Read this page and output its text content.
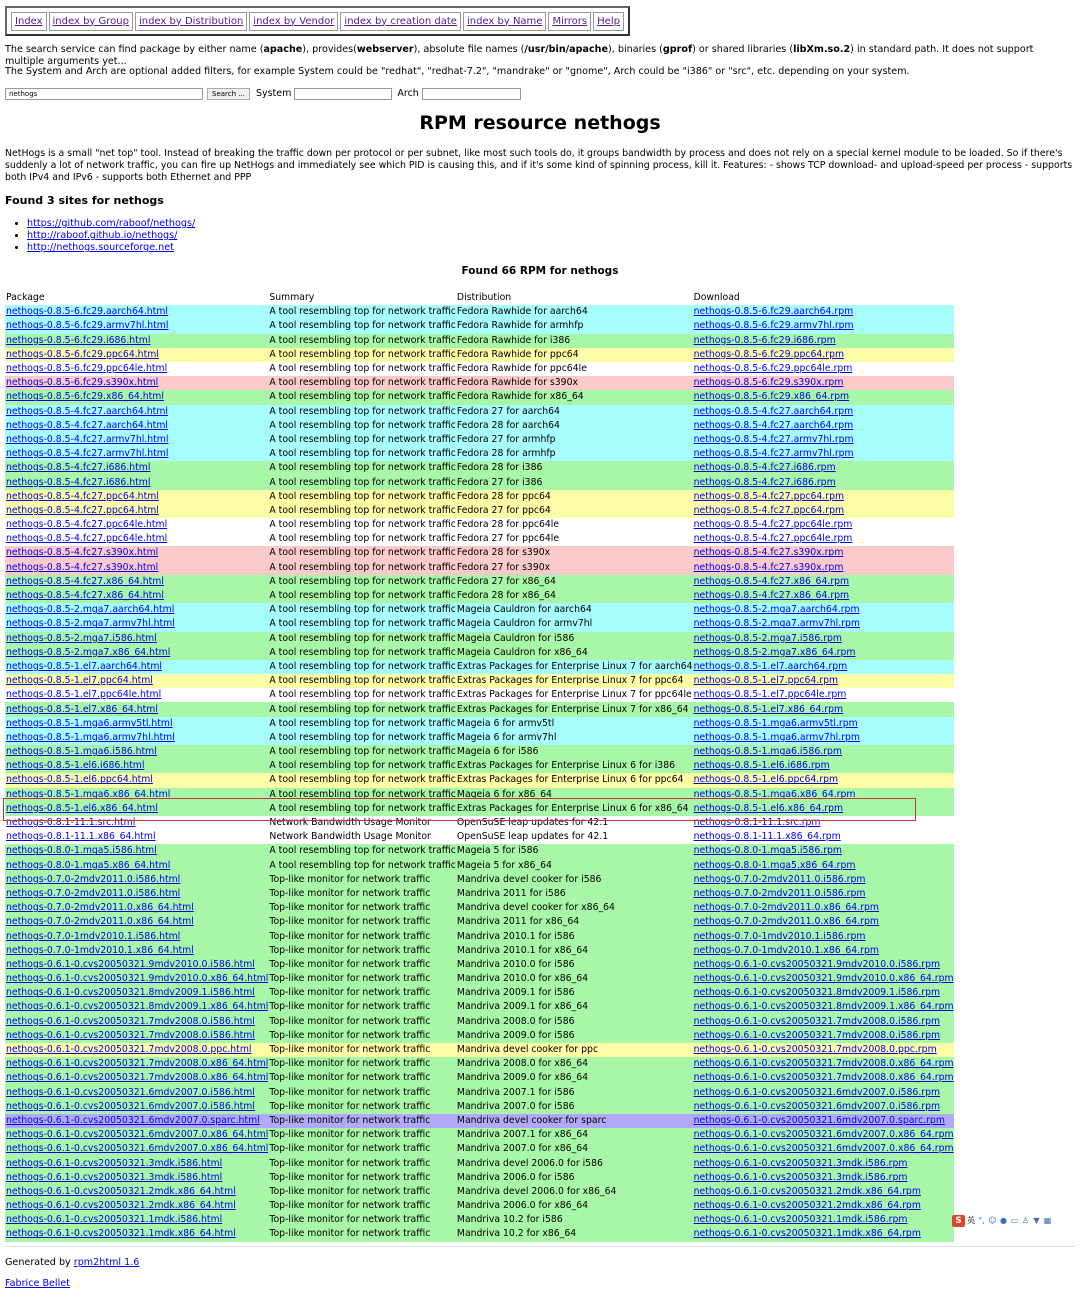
Index	index by Group	index by Distribution	index by Vendor	index by creation date	index by Name	Mirrors	Help
The search service can find package by either name (apache), provides(webserver), absolute file names (/usr/bin/apache), binaries (gprof) or shared libraries (libXm.so.2) in standard path. It does not support multiple arguments yet...
The System and Arch are optional added filters, for example System could be "redhat", "redhat-7.2", "mandrake" or "gnome", Arch could be "i386" or "src", etc. depending on your system.
nethogs	Search ...	System	Arch
RPM resource nethogs
NetHogs is a small "net top" tool. Instead of breaking the traffic down per protocol or per subnet, like most such tools do, it groups bandwidth by process and does not rely on a special kernel module to be loaded. So if there's suddenly a lot of network traffic, you can fire up NetHogs and immediately see which PID is causing this, and if it's some kind of spinning process, kill it. Features: - shows TCP download- and upload-speed per process - supports both IPv4 and IPv6 - supports both Ethernet and PPP
Found 3 sites for nethogs
• https://github.com/raboof/nethogs/
• http://raboof.github.io/nethogs/
• http://nethogs.sourceforge.net
Found 66 RPM for nethogs
Package	Summary	Distribution	Download
nethogs-0.8.5-6.fc29.aarch64.html	A tool resembling top for network traffic	Fedora Rawhide for aarch64	nethogs-0.8.5-6.fc29.aarch64.rpm
nethogs-0.8.5-6.fc29.armv7hl.html	A tool resembling top for network traffic	Fedora Rawhide for armhfp	nethogs-0.8.5-6.fc29.armv7hl.rpm
nethogs-0.8.5-6.fc29.i686.html	A tool resembling top for network traffic	Fedora Rawhide for i386	nethogs-0.8.5-6.fc29.i686.rpm
nethogs-0.8.5-6.fc29.ppc64.html	A tool resembling top for network traffic	Fedora Rawhide for ppc64	nethogs-0.8.5-6.fc29.ppc64.rpm
nethogs-0.8.5-6.fc29.ppc64le.html	A tool resembling top for network traffic	Fedora Rawhide for ppc64le	nethogs-0.8.5-6.fc29.ppc64le.rpm
nethogs-0.8.5-6.fc29.s390x.html	A tool resembling top for network traffic	Fedora Rawhide for s390x	nethogs-0.8.5-6.fc29.s390x.rpm
nethogs-0.8.5-6.fc29.x86_64.html	A tool resembling top for network traffic	Fedora Rawhide for x86_64	nethogs-0.8.5-6.fc29.x86_64.rpm
nethogs-0.8.5-4.fc27.aarch64.html	A tool resembling top for network traffic	Fedora 27 for aarch64	nethogs-0.8.5-4.fc27.aarch64.rpm
nethogs-0.8.5-4.fc27.aarch64.html	A tool resembling top for network traffic	Fedora 28 for aarch64	nethogs-0.8.5-4.fc27.aarch64.rpm
nethogs-0.8.5-4.fc27.armv7hl.html	A tool resembling top for network traffic	Fedora 27 for armhfp	nethogs-0.8.5-4.fc27.armv7hl.rpm
nethogs-0.8.5-4.fc27.armv7hl.html	A tool resembling top for network traffic	Fedora 28 for armhfp	nethogs-0.8.5-4.fc27.armv7hl.rpm
nethogs-0.8.5-4.fc27.i686.html	A tool resembling top for network traffic	Fedora 28 for i386	nethogs-0.8.5-4.fc27.i686.rpm
nethogs-0.8.5-4.fc27.i686.html	A tool resembling top for network traffic	Fedora 27 for i386	nethogs-0.8.5-4.fc27.i686.rpm
nethogs-0.8.5-4.fc27.ppc64.html	A tool resembling top for network traffic	Fedora 28 for ppc64	nethogs-0.8.5-4.fc27.ppc64.rpm
nethogs-0.8.5-4.fc27.ppc64.html	A tool resembling top for network traffic	Fedora 27 for ppc64	nethogs-0.8.5-4.fc27.ppc64.rpm
nethogs-0.8.5-4.fc27.ppc64le.html	A tool resembling top for network traffic	Fedora 28 for ppc64le	nethogs-0.8.5-4.fc27.ppc64le.rpm
nethogs-0.8.5-4.fc27.ppc64le.html	A tool resembling top for network traffic	Fedora 27 for ppc64le	nethogs-0.8.5-4.fc27.ppc64le.rpm
nethogs-0.8.5-4.fc27.s390x.html	A tool resembling top for network traffic	Fedora 28 for s390x	nethogs-0.8.5-4.fc27.s390x.rpm
nethogs-0.8.5-4.fc27.s390x.html	A tool resembling top for network traffic	Fedora 27 for s390x	nethogs-0.8.5-4.fc27.s390x.rpm
nethogs-0.8.5-4.fc27.x86_64.html	A tool resembling top for network traffic	Fedora 27 for x86_64	nethogs-0.8.5-4.fc27.x86_64.rpm
nethogs-0.8.5-4.fc27.x86_64.html	A tool resembling top for network traffic	Fedora 28 for x86_64	nethogs-0.8.5-4.fc27.x86_64.rpm
nethogs-0.8.5-2.mga7.aarch64.html	A tool resembling top for network traffic	Mageia Cauldron for aarch64	nethogs-0.8.5-2.mga7.aarch64.rpm
nethogs-0.8.5-2.mga7.armv7hl.html	A tool resembling top for network traffic	Mageia Cauldron for armv7hl	nethogs-0.8.5-2.mga7.armv7hl.rpm
nethogs-0.8.5-2.mga7.i586.html	A tool resembling top for network traffic	Mageia Cauldron for i586	nethogs-0.8.5-2.mga7.i586.rpm
nethogs-0.8.5-2.mga7.x86_64.html	A tool resembling top for network traffic	Mageia Cauldron for x86_64	nethogs-0.8.5-2.mga7.x86_64.rpm
nethogs-0.8.5-1.el7.aarch64.html	A tool resembling top for network traffic	Extras Packages for Enterprise Linux 7 for aarch64	nethogs-0.8.5-1.el7.aarch64.rpm
nethogs-0.8.5-1.el7.ppc64.html	A tool resembling top for network traffic	Extras Packages for Enterprise Linux 7 for ppc64	nethogs-0.8.5-1.el7.ppc64.rpm
nethogs-0.8.5-1.el7.ppc64le.html	A tool resembling top for network traffic	Extras Packages for Enterprise Linux 7 for ppc64le	nethogs-0.8.5-1.el7.ppc64le.rpm
nethogs-0.8.5-1.el7.x86_64.html	A tool resembling top for network traffic	Extras Packages for Enterprise Linux 7 for x86_64	nethogs-0.8.5-1.el7.x86_64.rpm
nethogs-0.8.5-1.mga6.armv5tl.html	A tool resembling top for network traffic	Mageia 6 for armv5tl	nethogs-0.8.5-1.mga6.armv5tl.rpm
nethogs-0.8.5-1.mga6.armv7hl.html	A tool resembling top for network traffic	Mageia 6 for armv7hl	nethogs-0.8.5-1.mga6.armv7hl.rpm
nethogs-0.8.5-1.mga6.i586.html	A tool resembling top for network traffic	Mageia 6 for i586	nethogs-0.8.5-1.mga6.i586.rpm
nethogs-0.8.5-1.el6.i686.html	A tool resembling top for network traffic	Extras Packages for Enterprise Linux 6 for i386	nethogs-0.8.5-1.el6.i686.rpm
nethogs-0.8.5-1.el6.ppc64.html	A tool resembling top for network traffic	Extras Packages for Enterprise Linux 6 for ppc64	nethogs-0.8.5-1.el6.ppc64.rpm
nethogs-0.8.5-1.mga6.x86_64.html	A tool resembling top for network traffic	Mageia 6 for x86_64	nethogs-0.8.5-1.mga6.x86_64.rpm
nethogs-0.8.5-1.el6.x86_64.html	A tool resembling top for network traffic	Extras Packages for Enterprise Linux 6 for x86_64	nethogs-0.8.5-1.el6.x86_64.rpm
nethogs-0.8.1-11.1.src.html	Network Bandwidth Usage Monitor	OpenSuSE leap updates for 42.1	nethogs-0.8.1-11.1.src.rpm
nethogs-0.8.1-11.1.x86_64.html	Network Bandwidth Usage Monitor	OpenSuSE leap updates for 42.1	nethogs-0.8.1-11.1.x86_64.rpm
nethogs-0.8.0-1.mga5.i586.html	A tool resembling top for network traffic	Mageia 5 for i586	nethogs-0.8.0-1.mga5.i586.rpm
nethogs-0.8.0-1.mga5.x86_64.html	A tool resembling top for network traffic	Mageia 5 for x86_64	nethogs-0.8.0-1.mga5.x86_64.rpm
nethogs-0.7.0-2mdv2011.0.i586.html	Top-like monitor for network traffic	Mandriva devel cooker for i586	nethogs-0.7.0-2mdv2011.0.i586.rpm
nethogs-0.7.0-2mdv2011.0.i586.html	Top-like monitor for network traffic	Mandriva 2011 for i586	nethogs-0.7.0-2mdv2011.0.i586.rpm
nethogs-0.7.0-2mdv2011.0.x86_64.html	Top-like monitor for network traffic	Mandriva devel cooker for x86_64	nethogs-0.7.0-2mdv2011.0.x86_64.rpm
nethogs-0.7.0-2mdv2011.0.x86_64.html	Top-like monitor for network traffic	Mandriva 2011 for x86_64	nethogs-0.7.0-2mdv2011.0.x86_64.rpm
nethogs-0.7.0-1mdv2010.1.i586.html	Top-like monitor for network traffic	Mandriva 2010.1 for i586	nethogs-0.7.0-1mdv2010.1.i586.rpm
nethogs-0.7.0-1mdv2010.1.x86_64.html	Top-like monitor for network traffic	Mandriva 2010.1 for x86_64	nethogs-0.7.0-1mdv2010.1.x86_64.rpm
nethogs-0.6.1-0.cvs20050321.9mdv2010.0.i586.html	Top-like monitor for network traffic	Mandriva 2010.0 for i586	nethogs-0.6.1-0.cvs20050321.9mdv2010.0.i586.rpm
nethogs-0.6.1-0.cvs20050321.9mdv2010.0.x86_64.html	Top-like monitor for network traffic	Mandriva 2010.0 for x86_64	nethogs-0.6.1-0.cvs20050321.9mdv2010.0.x86_64.rpm
nethogs-0.6.1-0.cvs20050321.8mdv2009.1.i586.html	Top-like monitor for network traffic	Mandriva 2009.1 for i586	nethogs-0.6.1-0.cvs20050321.8mdv2009.1.i586.rpm
nethogs-0.6.1-0.cvs20050321.8mdv2009.1.x86_64.html	Top-like monitor for network traffic	Mandriva 2009.1 for x86_64	nethogs-0.6.1-0.cvs20050321.8mdv2009.1.x86_64.rpm
nethogs-0.6.1-0.cvs20050321.7mdv2008.0.i586.html	Top-like monitor for network traffic	Mandriva 2008.0 for i586	nethogs-0.6.1-0.cvs20050321.7mdv2008.0.i586.rpm
nethogs-0.6.1-0.cvs20050321.7mdv2008.0.i586.html	Top-like monitor for network traffic	Mandriva 2009.0 for i586	nethogs-0.6.1-0.cvs20050321.7mdv2008.0.i586.rpm
nethogs-0.6.1-0.cvs20050321.7mdv2008.0.ppc.html	Top-like monitor for network traffic	Mandriva devel cooker for ppc	nethogs-0.6.1-0.cvs20050321.7mdv2008.0.ppc.rpm
nethogs-0.6.1-0.cvs20050321.7mdv2008.0.x86_64.html	Top-like monitor for network traffic	Mandriva 2008.0 for x86_64	nethogs-0.6.1-0.cvs20050321.7mdv2008.0.x86_64.rpm
nethogs-0.6.1-0.cvs20050321.7mdv2008.0.x86_64.html	Top-like monitor for network traffic	Mandriva 2009.0 for x86_64	nethogs-0.6.1-0.cvs20050321.7mdv2008.0.x86_64.rpm
nethogs-0.6.1-0.cvs20050321.6mdv2007.0.i586.html	Top-like monitor for network traffic	Mandriva 2007.1 for i586	nethogs-0.6.1-0.cvs20050321.6mdv2007.0.i586.rpm
nethogs-0.6.1-0.cvs20050321.6mdv2007.0.i586.html	Top-like monitor for network traffic	Mandriva 2007.0 for i586	nethogs-0.6.1-0.cvs20050321.6mdv2007.0.i586.rpm
nethogs-0.6.1-0.cvs20050321.6mdv2007.0.sparc.html	Top-like monitor for network traffic	Mandriva devel cooker for sparc	nethogs-0.6.1-0.cvs20050321.6mdv2007.0.sparc.rpm
nethogs-0.6.1-0.cvs20050321.6mdv2007.0.x86_64.html	Top-like monitor for network traffic	Mandriva 2007.1 for x86_64	nethogs-0.6.1-0.cvs20050321.6mdv2007.0.x86_64.rpm
nethogs-0.6.1-0.cvs20050321.6mdv2007.0.x86_64.html	Top-like monitor for network traffic	Mandriva 2007.0 for x86_64	nethogs-0.6.1-0.cvs20050321.6mdv2007.0.x86_64.rpm
nethogs-0.6.1-0.cvs20050321.3mdk.i586.html	Top-like monitor for network traffic	Mandriva devel 2006.0 for i586	nethogs-0.6.1-0.cvs20050321.3mdk.i586.rpm
nethogs-0.6.1-0.cvs20050321.3mdk.i586.html	Top-like monitor for network traffic	Mandriva 2006.0 for i586	nethogs-0.6.1-0.cvs20050321.3mdk.i586.rpm
nethogs-0.6.1-0.cvs20050321.2mdk.x86_64.html	Top-like monitor for network traffic	Mandriva devel 2006.0 for x86_64	nethogs-0.6.1-0.cvs20050321.2mdk.x86_64.rpm
nethogs-0.6.1-0.cvs20050321.2mdk.x86_64.html	Top-like monitor for network traffic	Mandriva 2006.0 for x86_64	nethogs-0.6.1-0.cvs20050321.2mdk.x86_64.rpm
nethogs-0.6.1-0.cvs20050321.1mdk.i586.html	Top-like monitor for network traffic	Mandriva 10.2 for i586	nethogs-0.6.1-0.cvs20050321.1mdk.i586.rpm
nethogs-0.6.1-0.cvs20050321.1mdk.x86_64.html	Top-like monitor for network traffic	Mandriva 10.2 for x86_64	nethogs-0.6.1-0.cvs20050321.1mdk.x86_64.rpm
Generated by rpm2html 1.6
Fabrice Bellet
S 英 °, ☺ ● ▭ ♙ ▼ ▦
